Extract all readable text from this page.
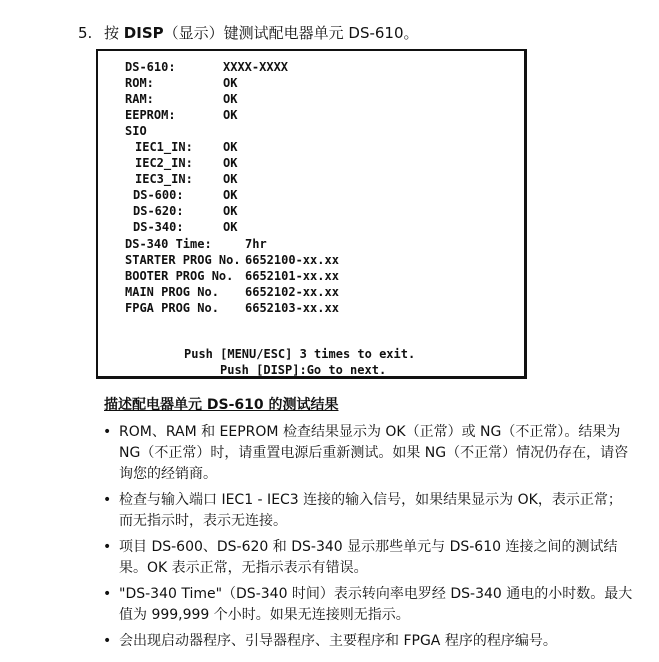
5. 按 DISP（显示）键测试配电器单元 DS-610。
DS-610:	XXXX-XXXX
ROM:	OK
RAM:	OK
EEPROM:	OK
SIO
IEC1_IN:	OK
IEC2_IN:	OK
IEC3_IN:	OK
DS-600:	OK
DS-620:	OK
DS-340:	OK
DS-340 Time:	7hr
STARTER PROG No. 6652100-xx.xx
BOOTER PROG No. 6652101-xx.xx
MAIN PROG No. 6652102-xx.xx
FPGA PROG No. 6652103-xx.xx
Push [MENU/ESC] 3 times to exit.
Push [DISP]:Go to next.
描述配电器单元 DS-610 的测试结果
• ROM、RAM 和 EEPROM 检查结果显示为 OK（正常）或 NG（不正常）。结果为 NG（不正常）时，请重置电源后重新测试。如果 NG（不正常）情况仍存在，请咨询您的经销商。
• 检查与输入端口 IEC1 - IEC3 连接的输入信号，如果结果显示为 OK，表示正常；而无指示时，表示无连接。
• 项目 DS-600、DS-620 和 DS-340 显示那些单元与 DS-610 连接之间的测试结果。OK 表示正常，无指示表示有错误。
• "DS-340 Time"（DS-340 时间）表示转向率电罗经 DS-340 通电的小时数。最大值为 999,999 个小时。如果无连接则无指示。
• 会出现启动器程序、引导器程序、主要程序和 FPGA 程序的程序编号。
